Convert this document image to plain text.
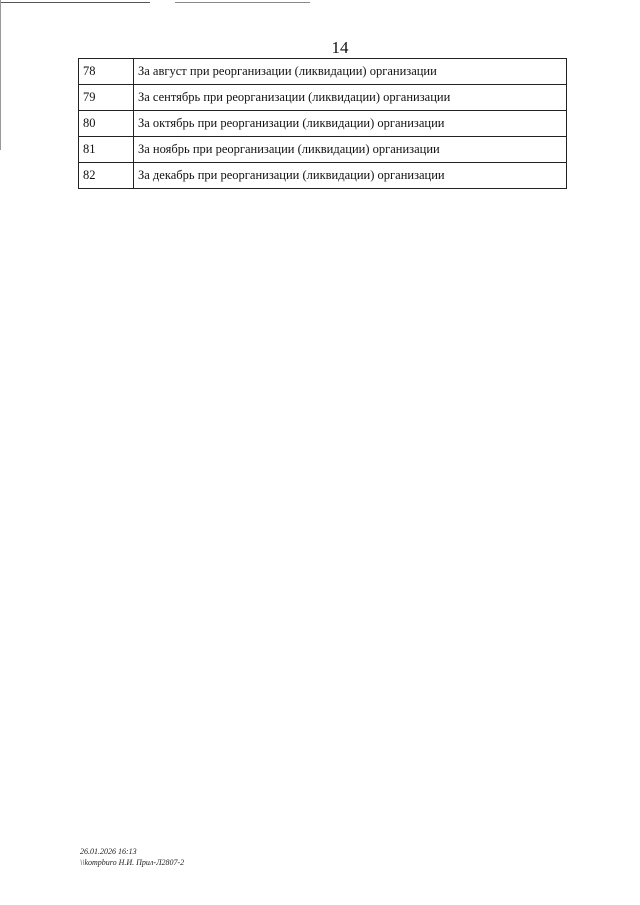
14
78	За август при реорганизации (ликвидации) организации
79	За сентябрь при реорганизации (ликвидации) организации
80	За октябрь при реорганизации (ликвидации) организации
81	За ноябрь при реорганизации (ликвидации) организации
82	За декабрь при реорганизации (ликвидации) организации
26.01.2026 16:13
\\kompburo Н.И. Прил-Л2807-2
